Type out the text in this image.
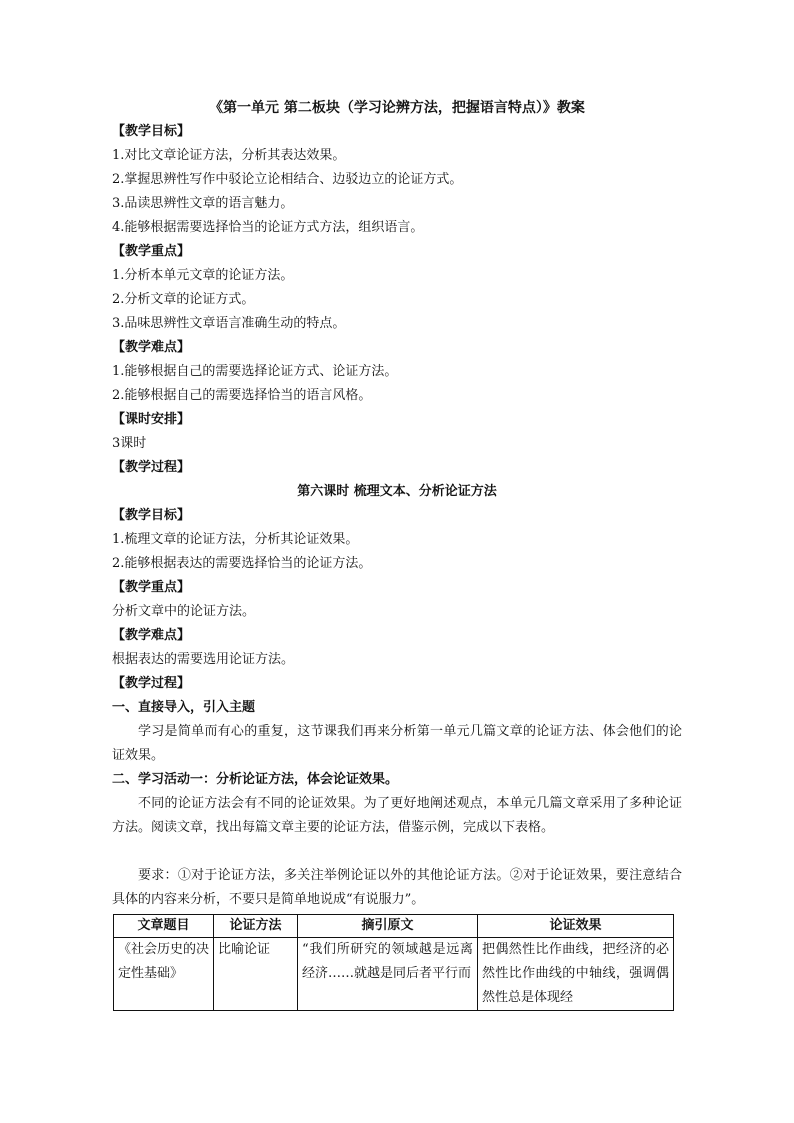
《第一单元 第二板块（学习论辨方法，把握语言特点）》教案
【教学目标】
1.对比文章论证方法，分析其表达效果。
2.掌握思辨性写作中驳论立论相结合、边驳边立的论证方式。
3.品读思辨性文章的语言魅力。
4.能够根据需要选择恰当的论证方式方法，组织语言。
【教学重点】
1.分析本单元文章的论证方法。
2.分析文章的论证方式。
3.品味思辨性文章语言准确生动的特点。
【教学难点】
1.能够根据自己的需要选择论证方式、论证方法。
2.能够根据自己的需要选择恰当的语言风格。
【课时安排】
3课时
【教学过程】
第六课时 梳理文本、分析论证方法
【教学目标】
1.梳理文章的论证方法，分析其论证效果。
2.能够根据表达的需要选择恰当的论证方法。
【教学重点】
分析文章中的论证方法。
【教学难点】
根据表达的需要选用论证方法。
【教学过程】
一、直接导入，引入主题
学习是简单而有心的重复，这节课我们再来分析第一单元几篇文章的论证方法、体会他们的论证效果。
二、学习活动一：分析论证方法，体会论证效果。
不同的论证方法会有不同的论证效果。为了更好地阐述观点，本单元几篇文章采用了多种论证方法。阅读文章，找出每篇文章主要的论证方法，借鉴示例，完成以下表格。
要求：①对于论证方法，多关注举例论证以外的其他论证方法。②对于论证效果，要注意结合具体的内容来分析，不要只是简单地说成“有说服力”。
文章题目	论证方法	摘引原文	论证效果
《社会历史的决定性基础》	比喻论证	“我们所研究的领域越是远离经济……就越是同后者平行而	把偶然性比作曲线，把经济的必然性比作曲线的中轴线，强调偶然性总是体现经
